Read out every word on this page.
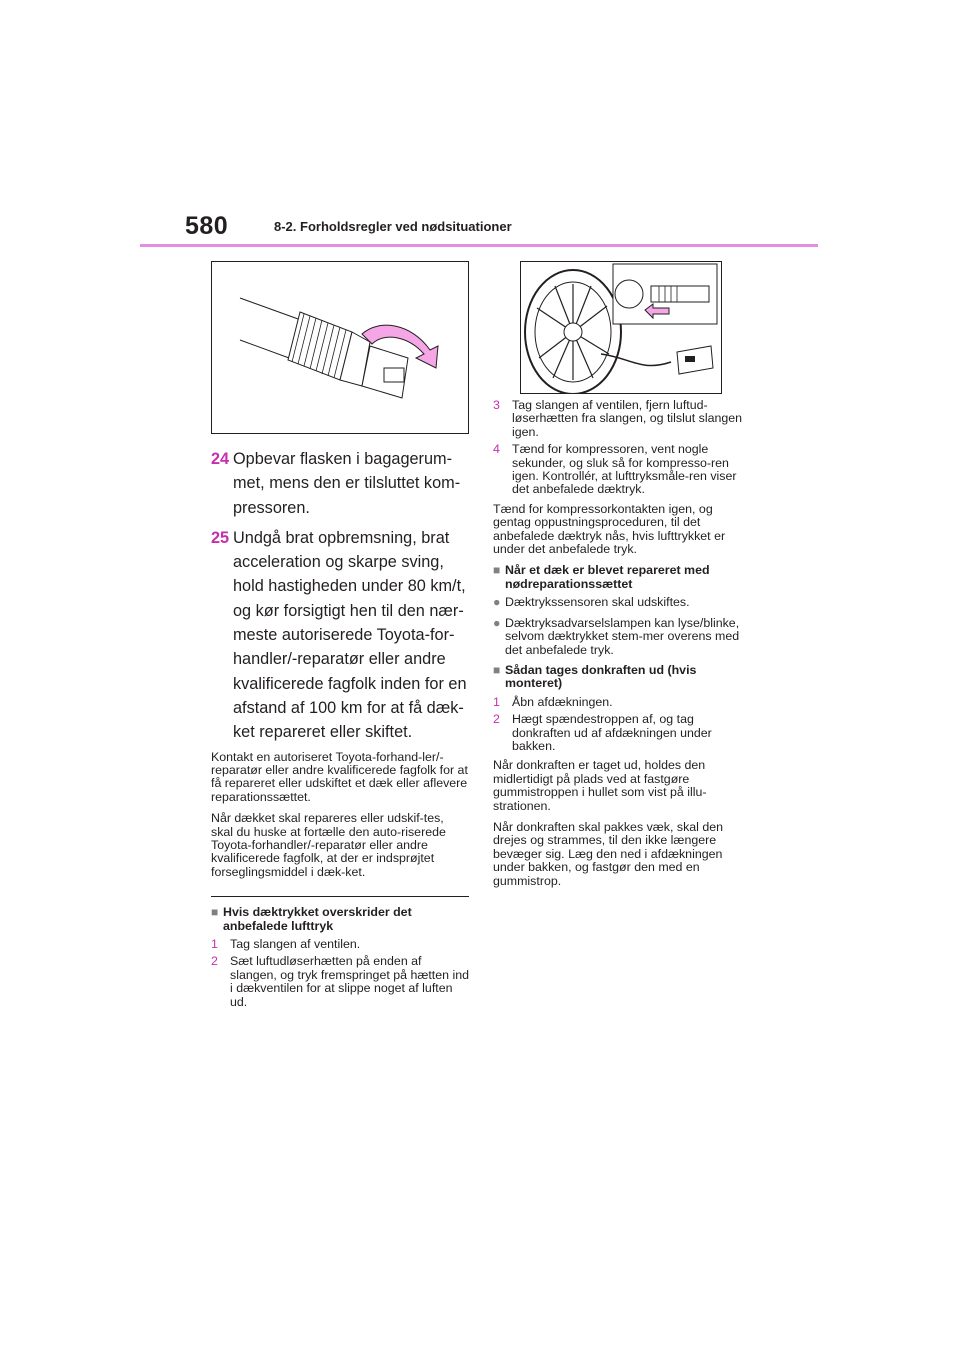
580	8-2. Forholdsregler ved nødsituationer
24 Opbevar flasken i bagagerum-met, mens den er tilsluttet kom-pressoren.
25 Undgå brat opbremsning, brat acceleration og skarpe sving, hold hastigheden under 80 km/t, og kør forsigtigt hen til den nær-meste autoriserede Toyota-for-handler/-reparatør eller andre kvalificerede fagfolk inden for en afstand af 100 km for at få dæk-ket repareret eller skiftet.

Kontakt en autoriseret Toyota-forhand-ler/-reparatør eller andre kvalificerede fagfolk for at få repareret eller udskiftet et dæk eller aflevere reparationssættet.

Når dækket skal repareres eller udskif-tes, skal du huske at fortælle den auto-riserede Toyota-forhandler/-reparatør eller andre kvalificerede fagfolk, at der er indsprøjtet forseglingsmiddel i dæk-ket.

■ Hvis dæktrykket overskrider det anbefalede lufttryk
1 Tag slangen af ventilen.
2 Sæt luftudløserhætten på enden af slangen, og tryk fremspringet på hætten ind i dækventilen for at slippe noget af luften ud.
3 Tag slangen af ventilen, fjern luftud-løserhætten fra slangen, og tilslut slangen igen.
4 Tænd for kompressoren, vent nogle sekunder, og sluk så for kompresso-ren igen. Kontrollér, at lufttryksmåle-ren viser det anbefalede dæktryk.

Tænd for kompressorkontakten igen, og gentag oppustningsproceduren, til det anbefalede dæktryk nås, hvis lufttrykket er under det anbefalede tryk.

■ Når et dæk er blevet repareret med nødreparationssættet
● Dæktrykssensoren skal udskiftes.
● Dæktryksadvarselslampen kan lyse/blinke, selvom dæktrykket stem-mer overens med det anbefalede tryk.
■ Sådan tages donkraften ud (hvis monteret)
1 Åbn afdækningen.
2 Hægt spændestroppen af, og tag donkraften ud af afdækningen under bakken.

Når donkraften er taget ud, holdes den midlertidigt på plads ved at fastgøre gummistroppen i hullet som vist på illu-strationen.

Når donkraften skal pakkes væk, skal den drejes og strammes, til den ikke længere bevæger sig. Læg den ned i afdækningen under bakken, og fastgør den med en gummistrop.
